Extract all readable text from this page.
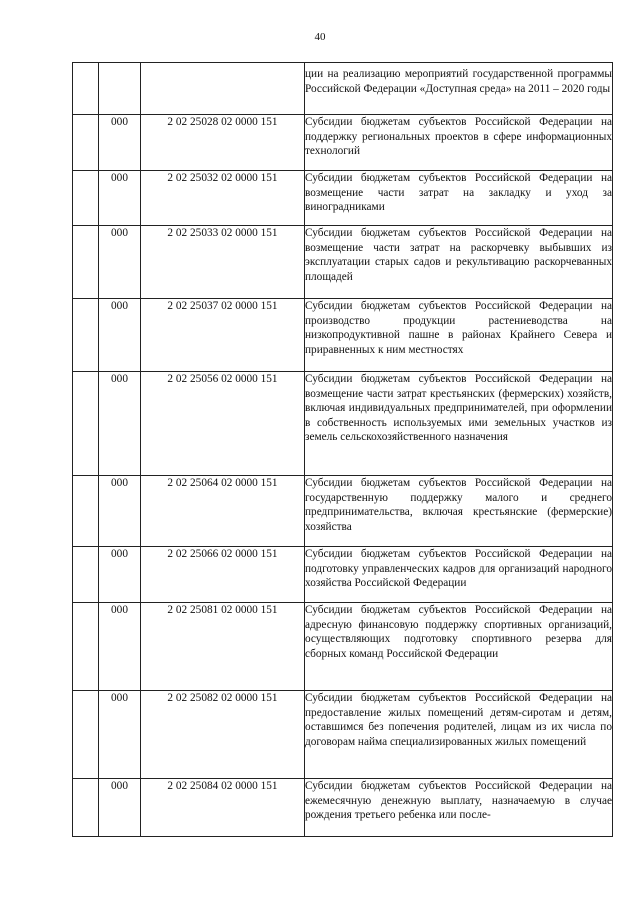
40
			ции на реализацию мероприятий государственной программы Российской Федерации «Доступная среда» на 2011 – 2020 годы
	000	2 02 25028 02 0000 151	Субсидии бюджетам субъектов Российской Федерации на поддержку региональных проектов в сфере информационных технологий
	000	2 02 25032 02 0000 151	Субсидии бюджетам субъектов Российской Федерации на возмещение части затрат на закладку и уход за виноградниками
	000	2 02 25033 02 0000 151	Субсидии бюджетам субъектов Российской Федерации на возмещение части затрат на раскорчевку выбывших из эксплуатации старых садов и рекультивацию раскорчеванных площадей
	000	2 02 25037 02 0000 151	Субсидии бюджетам субъектов Российской Федерации на производство продукции растениеводства на низкопродуктивной пашне в районах Крайнего Севера и приравненных к ним местностях
	000	2 02 25056 02 0000 151	Субсидии бюджетам субъектов Российской Федерации на возмещение части затрат крестьянских (фермерских) хозяйств, включая индивидуальных предпринимателей, при оформлении в собственность используемых ими земельных участков из земель сельскохозяйственного назначения
	000	2 02 25064 02 0000 151	Субсидии бюджетам субъектов Российской Федерации на государственную поддержку малого и среднего предпринимательства, включая крестьянские (фермерские) хозяйства
	000	2 02 25066 02 0000 151	Субсидии бюджетам субъектов Российской Федерации на подготовку управленческих кадров для организаций народного хозяйства Российской Федерации
	000	2 02 25081 02 0000 151	Субсидии бюджетам субъектов Российской Федерации на адресную финансовую поддержку спортивных организаций, осуществляющих подготовку спортивного резерва для сборных команд Российской Федерации
	000	2 02 25082 02 0000 151	Субсидии бюджетам субъектов Российской Федерации на предоставление жилых помещений детям-сиротам и детям, оставшимся без попечения родителей, лицам из их числа по договорам найма специализированных жилых помещений
	000	2 02 25084 02 0000 151	Субсидии бюджетам субъектов Российской Федерации на ежемесячную денежную выплату, назначаемую в случае рождения третьего ребенка или после-
